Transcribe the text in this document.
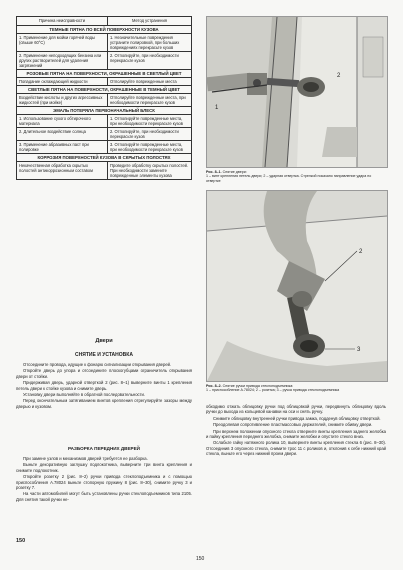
Причина неисправности	Метод устранения
ТЕМНЫЕ ПЯТНА ПО ВСЕЙ ПОВЕРХНОСТИ КУЗОВА	
1. Применение для мойки горячей воды (свыше 60°C)	1. Незначительные повреждения устраните полировкой, при больших повреждениях перекрасьте кузов
2. Применение неподходящих бензина или других растворителей для удаления загрязнений	2. Отполируйте, при необходимости перекрасьте кузов
РОЗОВЫЕ ПЯТНА НА ПОВЕРХНОСТИ, ОКРАШЕННЫЕ В СВЕТЛЫЙ ЦВЕТ	
Попадание охлаждающей жидкости	Отполируйте поврежденные места
СВЕТЛЫЕ ПЯТНА НА ПОВЕРХНОСТИ, ОКРАШЕННЫЕ В ТЕМНЫЙ ЦВЕТ	
Воздействие кислоты и других агрессивных жидкостей (при мойке)	Отполируйте поврежденные места, при необходимости перекрасьте кузов
ЭМАЛЬ ПОТЕРЯЛА ПЕРВОНАЧАЛЬНЫЙ БЛЕСК	
1. Использование сухого обтирочного материала	1. Отполируйте поврежденные места, при необходимости перекрасьте кузов
2. Длительное воздействие солнца	2. Отполируйте, при необходимости перекрасьте кузов
3. Применение абразивных паст при полировке	3. Отполируйте поврежденные места, при необходимости перекрасьте кузов
КОРРОЗИЯ ПОВЕРХНОСТЕЙ КУЗОВА В СКРЫТЫХ ПОЛОСТЯХ	
Некачественная обработка скрытых полостей антикоррозионным составом	Проведите обработку скрытых полостей. При необходимости замените поврежденные элементы кузова
Двери
СНЯТИЕ И УСТАНОВКА

Отсоедините провода, идущие к фонарю сигнализации открывания дверей.

Откройте дверь до упора и отсоедините плоскогубцами ограничитель открывания двери от стойки.

Придерживая дверь, ударной отверткой 2 (рис. 8–1) выверните винты 1 крепления петель двери к стойке кузова и снимите дверь.

Установку двери выполняйте в обратной последовательности.

Перед окончательным затягиванием винтов крепления отрегулируйте зазоры между дверью и кузовом.

РАЗБОРКА ПЕРЕДНИХ ДВЕРЕЙ

При замене узлов и механизмов дверей требуется ее разборка.

Выньте декоративную заглушку подлокотника, выверните три винта крепления и снимите подлокотник.

Откройте розетку 2 (рис. 8–2) ручки привода стеклоподъемника и с помощью приспособления А.78024 выньте стопорную пружину 8 (рис. 8–30), снимите ручку 3 и розетку 7.

На части автомобилей могут быть установлены ручки стеклоподъемников типа 2105. Для снятия такой ручки не-

150
1
2
Рис. 8–1. Снятие двери:
1 – винт крепления петель двери; 2 – ударная отвертка. Стрелкой показано направление удара по отвертке
2
3
Рис. 8–2. Снятие ручки привода стеклоподъемника:
1 – приспособление А.78024; 2 – розетка; 3 – ручка привода стеклоподъемника

обходимо отжать облицовку ручки под облицовкой ручки, передвинуть облицовку вдоль ручки до выхода из кольцевой канавки на оси и снять ручку.

Снимите облицовку внутренней ручки привода замка, подденув облицовку отверткой.

Преодолевая сопротивление пластмассовых держателей, снимите обивку двери.

При верхнем положении опускного стекла отверните винты крепления заднего желобка и пайку крепления переднего желобка, снимите желобки и опустите стекло вниз.

Ослабьте гайку натяжного ролика 10, выверните винты крепления стекла 6 (рис. 8–30). Отсоединив 3 опускного стекла, снимите трос 11 с роликов и, отклонив к себе нижний край стекла, выньте его через нижний проем двери.

150
